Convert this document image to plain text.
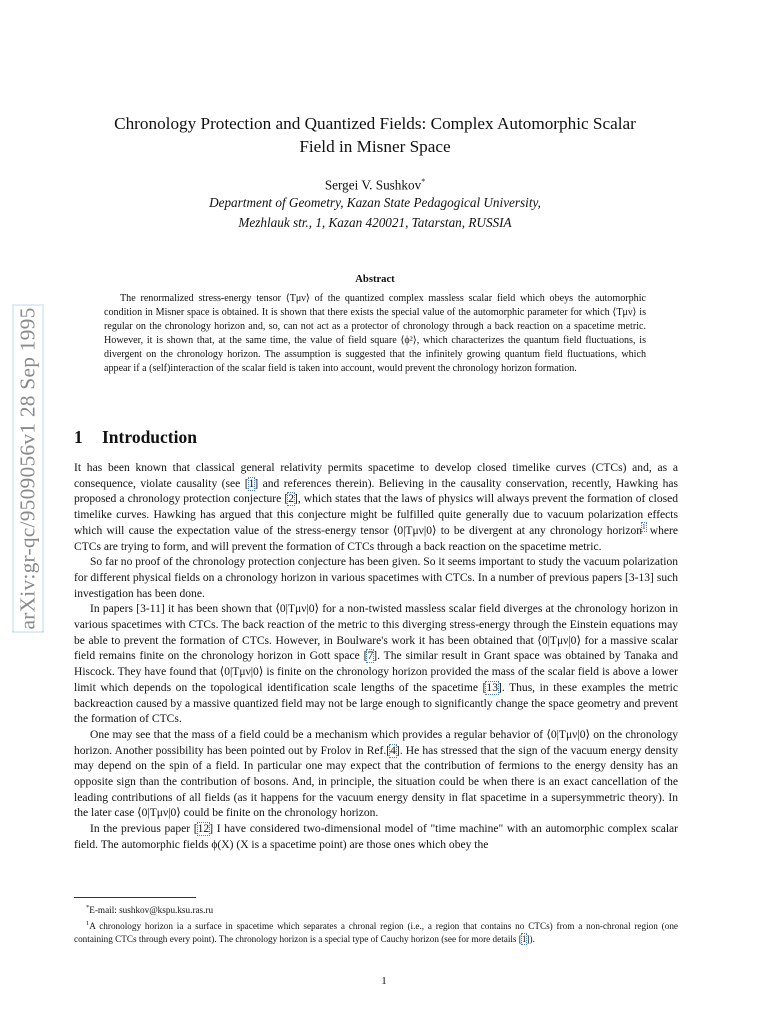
arXiv:gr-qc/9509056v1 28 Sep 1995
Chronology Protection and Quantized Fields: Complex Automorphic Scalar
Field in Misner Space
Sergei V. Sushkov*
Department of Geometry, Kazan State Pedagogical University,
Mezhlauk str., 1, Kazan 420021, Tatarstan, RUSSIA
Abstract

The renormalized stress-energy tensor ⟨Tμν⟩ of the quantized complex massless scalar field which obeys the automorphic condition in Misner space is obtained. It is shown that there exists the special value of the automorphic parameter for which ⟨Tμν⟩ is regular on the chronology horizon and, so, can not act as a protector of chronology through a back reaction on a spacetime metric. However, it is shown that, at the same time, the value of field square ⟨ϕ²⟩, which characterizes the quantum field fluctuations, is divergent on the chronology horizon. The assumption is suggested that the infinitely growing quantum field fluctuations, which appear if a (self)interaction of the scalar field is taken into account, would prevent the chronology horizon formation.

1 Introduction

It has been known that classical general relativity permits spacetime to develop closed timelike curves (CTCs) and, as a consequence, violate causality (see [1] and references therein). Believing in the causality conservation, recently, Hawking has proposed a chronology protection conjecture [2], which states that the laws of physics will always prevent the formation of closed timelike curves. Hawking has argued that this conjecture might be fulfilled quite generally due to vacuum polarization effects which will cause the expectation value of the stress-energy tensor ⟨0|Tμν|0⟩ to be divergent at any chronology horizon$^1$ where CTCs are trying to form, and will prevent the formation of CTCs through a back reaction on the spacetime metric.

So far no proof of the chronology protection conjecture has been given. So it seems important to study the vacuum polarization for different physical fields on a chronology horizon in various spacetimes with CTCs. In a number of previous papers [3-13] such investigation has been done.

In papers [3-11] it has been shown that ⟨0|Tμν|0⟩ for a non-twisted massless scalar field diverges at the chronology horizon in various spacetimes with CTCs. The back reaction of the metric to this diverging stress-energy through the Einstein equations may be able to prevent the formation of CTCs. However, in Boulware's work it has been obtained that ⟨0|Tμν|0⟩ for a massive scalar field remains finite on the chronology horizon in Gott space [7]. The similar result in Grant space was obtained by Tanaka and Hiscock. They have found that ⟨0|Tμν|0⟩ is finite on the chronology horizon provided the mass of the scalar field is above a lower limit which depends on the topological identification scale lengths of the spacetime [13]. Thus, in these examples the metric backreaction caused by a massive quantized field may not be large enough to significantly change the space geometry and prevent the formation of CTCs.

One may see that the mass of a field could be a mechanism which provides a regular behavior of ⟨0|Tμν|0⟩ on the chronology horizon. Another possibility has been pointed out by Frolov in Ref.[4]. He has stressed that the sign of the vacuum energy density may depend on the spin of a field. In particular one may expect that the contribution of fermions to the energy density has an opposite sign than the contribution of bosons. And, in principle, the situation could be when there is an exact cancellation of the leading contributions of all fields (as it happens for the vacuum energy density in flat spacetime in a supersymmetric theory). In the later case ⟨0|Tμν|0⟩ could be finite on the chronology horizon.

In the previous paper [12] I have considered two-dimensional model of "time machine" with an automorphic complex scalar field. The automorphic fields ϕ(X) (X is a spacetime point) are those ones which obey the

*E-mail: sushkov@kspu.ksu.ras.ru

$^1$A chronology horizon ia a surface in spacetime which separates a chronal region (i.e., a region that contains no CTCs) from a non-chronal region (one containing CTCs through every point). The chronology horizon is a special type of Cauchy horizon (see for more details [1]).

1
